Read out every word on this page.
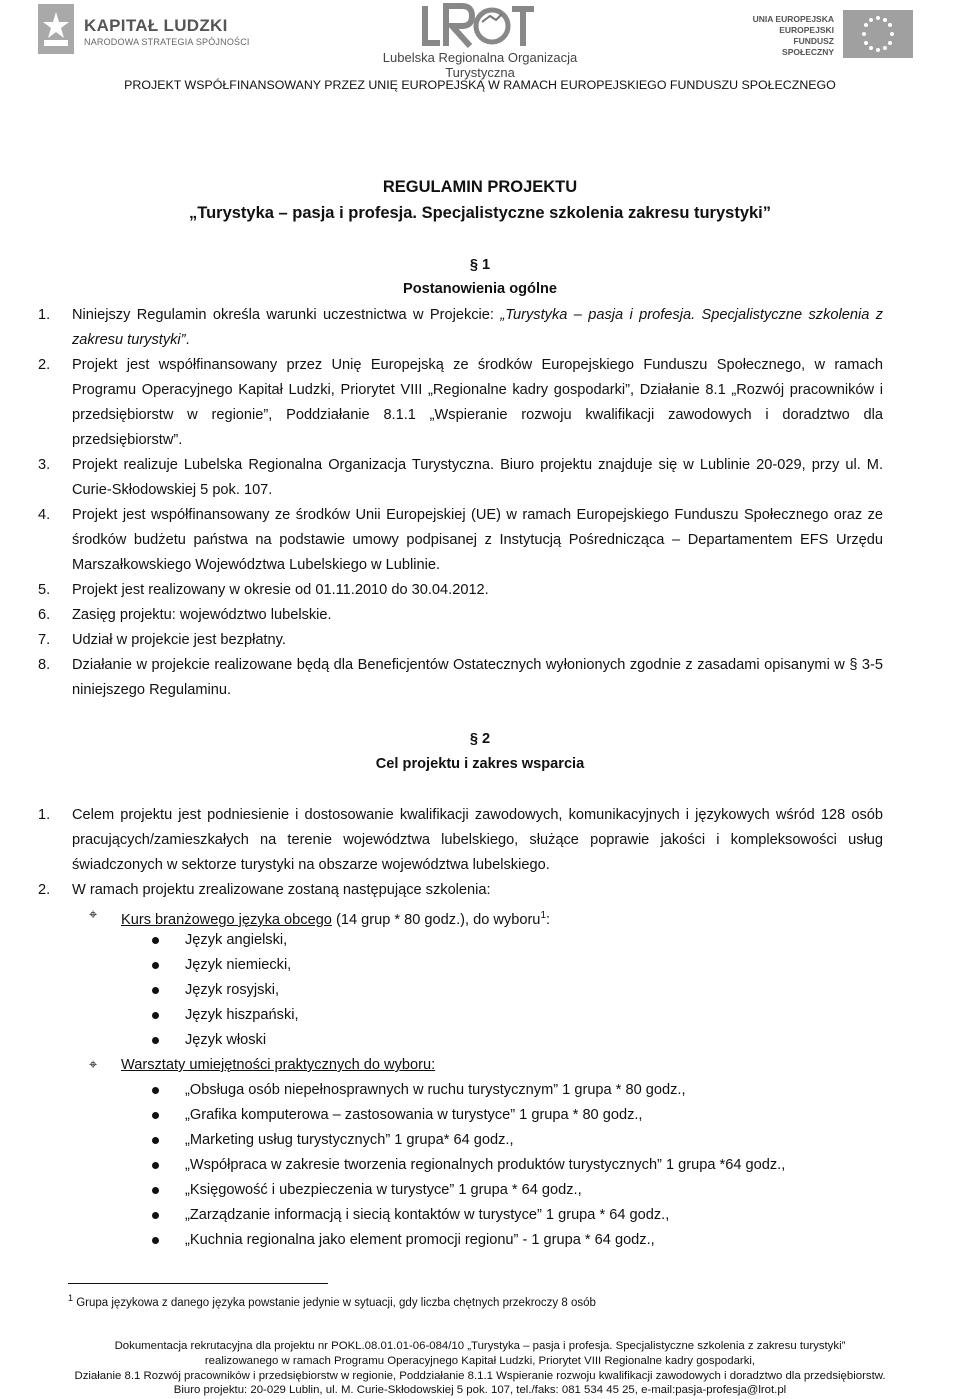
KAPITAŁ LUDZKI
NARODOWA STRATEGIA SPÓJNOŚCI
Lubelska Regionalna Organizacja Turystyczna
UNIA EUROPEJSKA
EUROPEJSKI
FUNDUSZ SPOŁECZNY
PROJEKT WSPÓŁFINANSOWANY PRZEZ UNIĘ EUROPEJSKĄ W RAMACH EUROPEJSKIEGO FUNDUSZU SPOŁECZNEGO
REGULAMIN PROJEKTU
„Turystyka – pasja i profesja. Specjalistyczne szkolenia zakresu turystyki”
§ 1
Postanowienia ogólne
1.	Niniejszy Regulamin określa warunki uczestnictwa w Projekcie: „Turystyka – pasja i profesja. Specjalistyczne szkolenia z zakresu turystyki”.
2.	Projekt jest współfinansowany przez Unię Europejską ze środków Europejskiego Funduszu Społecznego, w ramach Programu Operacyjnego Kapitał Ludzki, Priorytet VIII „Regionalne kadry gospodarki”, Działanie 8.1 „Rozwój pracowników i przedsiębiorstw w regionie”, Poddziałanie 8.1.1 „Wspieranie rozwoju kwalifikacji zawodowych i doradztwo dla przedsiębiorstw”.
3.	Projekt realizuje Lubelska Regionalna Organizacja Turystyczna. Biuro projektu znajduje się w Lublinie 20-029, przy ul. M. Curie-Skłodowskiej 5 pok. 107.
4.	Projekt jest współfinansowany ze środków Unii Europejskiej (UE) w ramach Europejskiego Funduszu Społecznego oraz ze środków budżetu państwa na podstawie umowy podpisanej z Instytucją Pośrednicząca – Departamentem EFS Urzędu Marszałkowskiego Województwa Lubelskiego w Lublinie.
5.	Projekt jest realizowany w okresie od 01.11.2010 do 30.04.2012.
6.	Zasięg projektu: województwo lubelskie.
7.	Udział w projekcie jest bezpłatny.
8.	Działanie w projekcie realizowane będą dla Beneficjentów Ostatecznych wyłonionych zgodnie z zasadami opisanymi w § 3-5 niniejszego Regulaminu.
§ 2
Cel projektu i zakres wsparcia
1.	Celem projektu jest podniesienie i dostosowanie kwalifikacji zawodowych, komunikacyjnych i językowych wśród 128 osób pracujących/zamieszkałych na terenie województwa lubelskiego, służące poprawie jakości i kompleksowości usług świadczonych w sektorze turystyki na obszarze województwa lubelskiego.
2.	W ramach projektu zrealizowane zostaną następujące szkolenia:
⌖ Kurs branżowego języka obcego (14 grup * 80 godz.), do wyboru$^1$:
Język angielski,
Język niemiecki,
Język rosyjski,
Język hiszpański,
Język włoski
⌖ Warsztaty umiejętności praktycznych do wyboru:
„Obsługa osób niepełnosprawnych w ruchu turystycznym” 1 grupa * 80 godz.,
„Grafika komputerowa – zastosowania w turystyce” 1 grupa * 80 godz.,
„Marketing usług turystycznych” 1 grupa* 64 godz.,
„Współpraca w zakresie tworzenia regionalnych produktów turystycznych” 1 grupa *64 godz.,
„Księgowość i ubezpieczenia w turystyce” 1 grupa * 64 godz.,
„Zarządzanie informacją i siecią kontaktów w turystyce” 1 grupa * 64 godz.,
„Kuchnia regionalna jako element promocji regionu” - 1 grupa * 64 godz.,
$^1$ Grupa językowa z danego języka powstanie jedynie w sytuacji, gdy liczba chętnych przekroczy 8 osób
Dokumentacja rekrutacyjna dla projektu nr POKL.08.01.01-06-084/10 „Turystyka – pasja i profesja. Specjalistyczne szkolenia z zakresu turystyki”
realizowanego w ramach Programu Operacyjnego Kapitał Ludzki, Priorytet VIII Regionalne kadry gospodarki,
Działanie 8.1 Rozwój pracowników i przedsiębiorstw w regionie, Poddziałanie 8.1.1 Wspieranie rozwoju kwalifikacji zawodowych i doradztwo dla przedsiębiorstw.
Biuro projektu: 20-029 Lublin, ul. M. Curie-Skłodowskiej 5 pok. 107, tel./faks: 081 534 45 25, e-mail:pasja-profesja@lrot.pl
